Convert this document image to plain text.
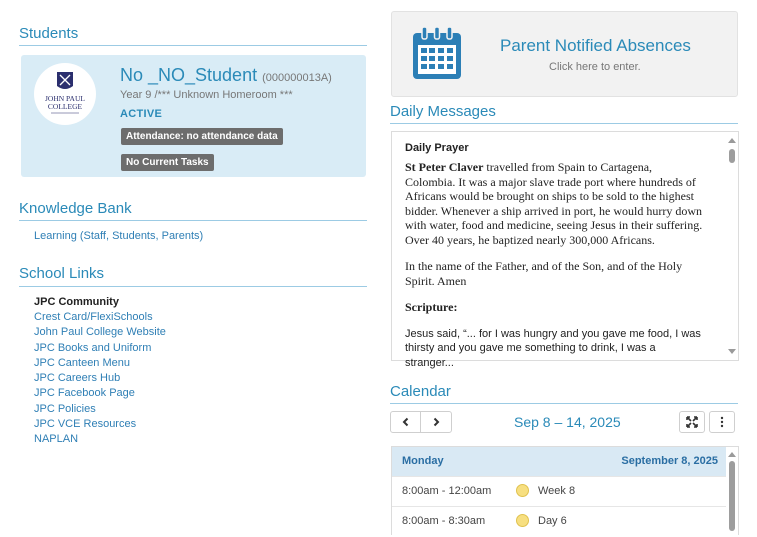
Students
JOHN PAUL
COLLEGE
No _NO_Student (000000013A)
Year 9 /*** Unknown Homeroom ***
ACTIVE
Attendance: no attendance data
No Current Tasks
Knowledge Bank
Learning (Staff, Students, Parents)
School Links
JPC Community
Crest Card/FlexiSchools
John Paul College Website
JPC Books and Uniform
JPC Canteen Menu
JPC Careers Hub
JPC Facebook Page
JPC Policies
JPC VCE Resources
NAPLAN
Parent Notified Absences
Click here to enter.
Daily Messages
Daily Prayer

St Peter Claver travelled from Spain to Cartagena, Colombia. It was a major slave trade port where hundreds of Africans would be brought on ships to be sold to the highest bidder. Whenever a ship arrived in port, he would hurry down with water, food and medicine, seeing Jesus in their suffering. Over 40 years, he baptized nearly 300,000 Africans.

In the name of the Father, and of the Son, and of the Holy Spirit. Amen

Scripture:

Jesus said, “... for I was hungry and you gave me food, I was thirsty and you gave me something to drink, I was a stranger...
Calendar
Sep 8 – 14, 2025
Monday	September 8, 2025
8:00am - 12:00am	Week 8
8:00am - 8:30am	Day 6
